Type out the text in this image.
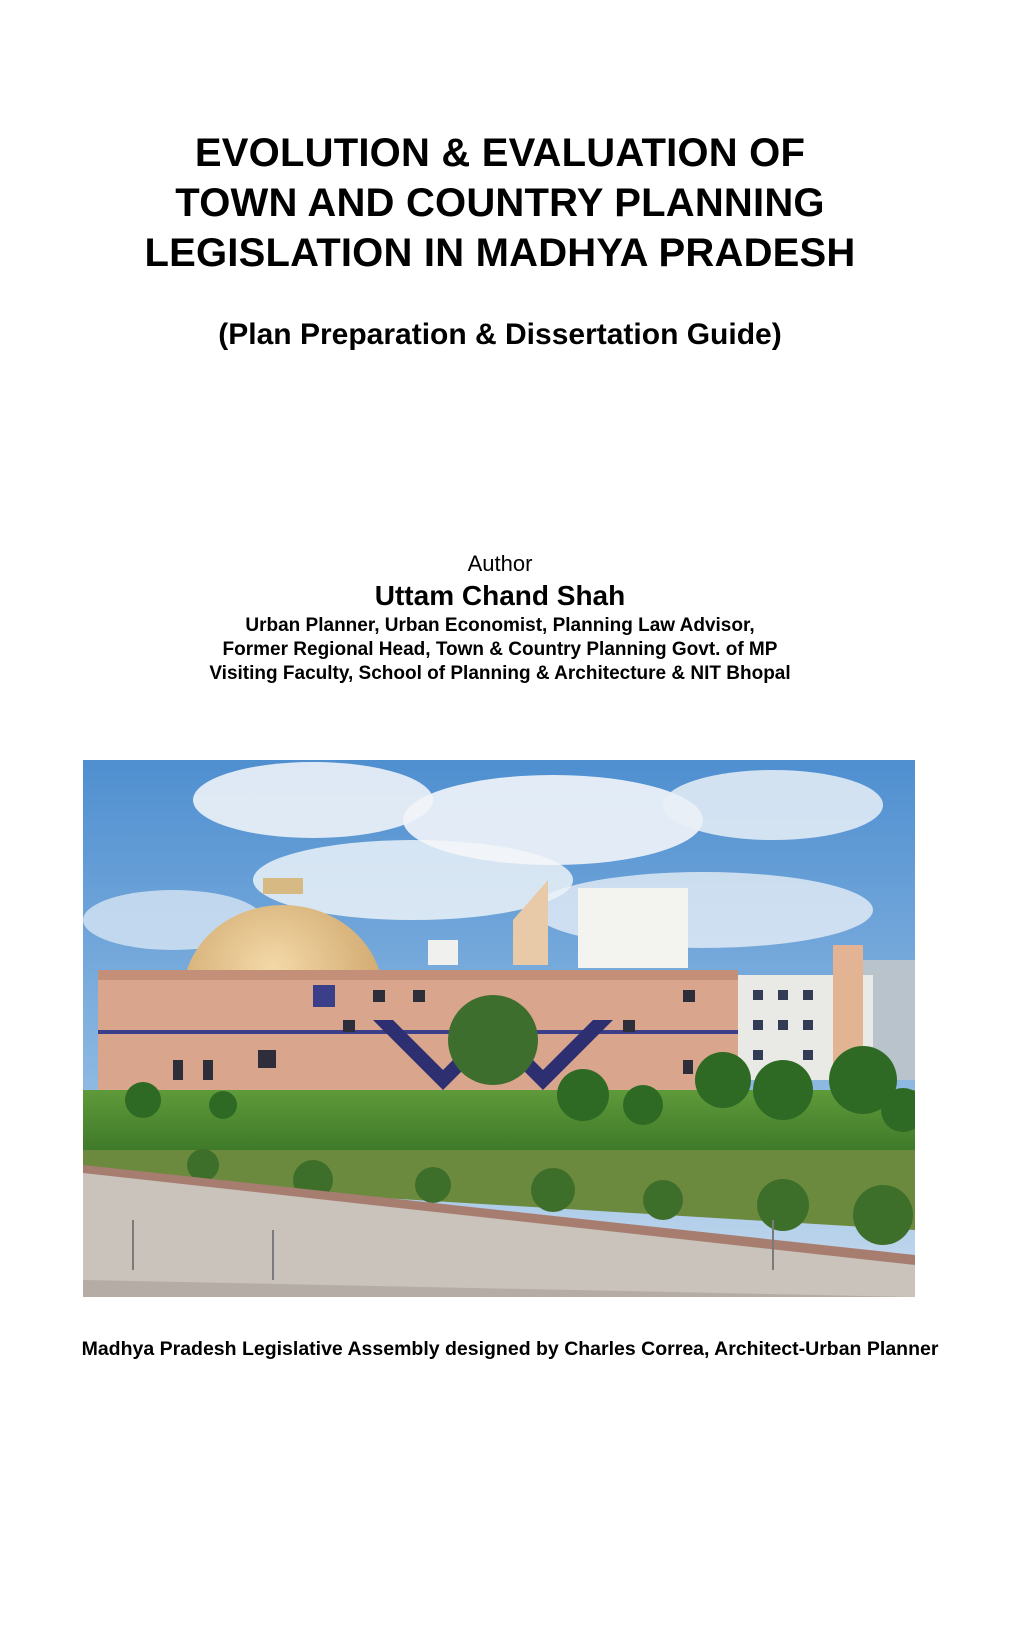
EVOLUTION & EVALUATION OF
TOWN AND COUNTRY PLANNING
LEGISLATION IN MADHYA PRADESH
(Plan Preparation & Dissertation Guide)
Author
Uttam Chand Shah
Urban Planner, Urban Economist, Planning Law Advisor,
Former Regional Head, Town & Country Planning Govt. of MP
Visiting Faculty, School of Planning & Architecture & NIT Bhopal
Madhya Pradesh Legislative Assembly designed by Charles Correa, Architect-Urban Planner
